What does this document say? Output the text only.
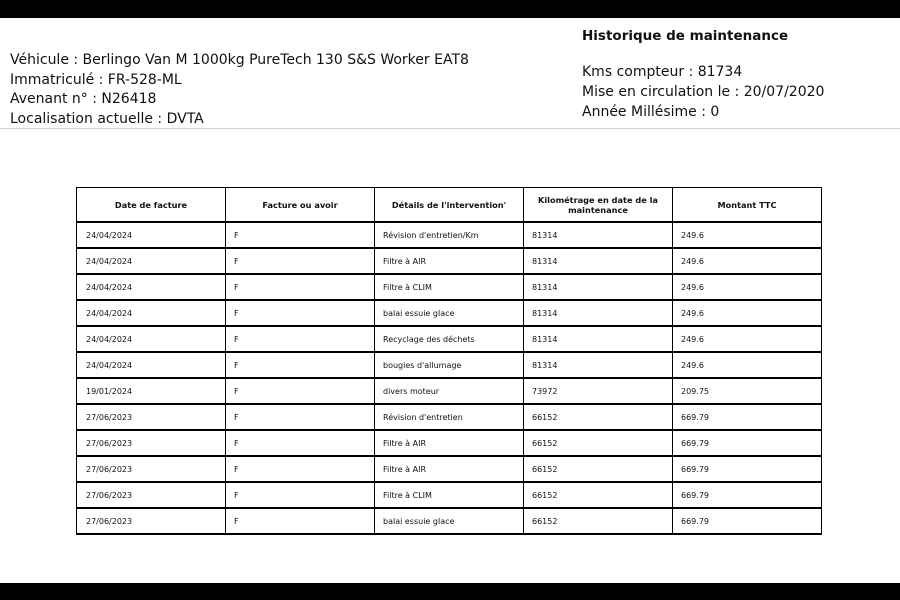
Véhicule : Berlingo Van M 1000kg PureTech 130 S&S Worker EAT8
Immatriculé : FR-528-ML
Avenant n° : N26418
Localisation actuelle : DVTA
Historique de maintenance
Kms compteur : 81734
Mise en circulation le : 20/07/2020
Année Millésime : 0
Date de facture	Facture ou avoir	Détails de l'intervention'	Kilométrage en date de la maintenance	Montant TTC
24/04/2024	F	Révision d'entretien/Km	81314	249.6
24/04/2024	F	Filtre à AIR	81314	249.6
24/04/2024	F	Filtre à CLIM	81314	249.6
24/04/2024	F	balai essuie glace	81314	249.6
24/04/2024	F	Recyclage des déchets	81314	249.6
24/04/2024	F	bougies d'allumage	81314	249.6
19/01/2024	F	divers moteur	73972	209.75
27/06/2023	F	Révision d'entretien	66152	669.79
27/06/2023	F	Filtre à AIR	66152	669.79
27/06/2023	F	Filtre à AIR	66152	669.79
27/06/2023	F	Filtre à CLIM	66152	669.79
27/06/2023	F	balai essuie glace	66152	669.79
